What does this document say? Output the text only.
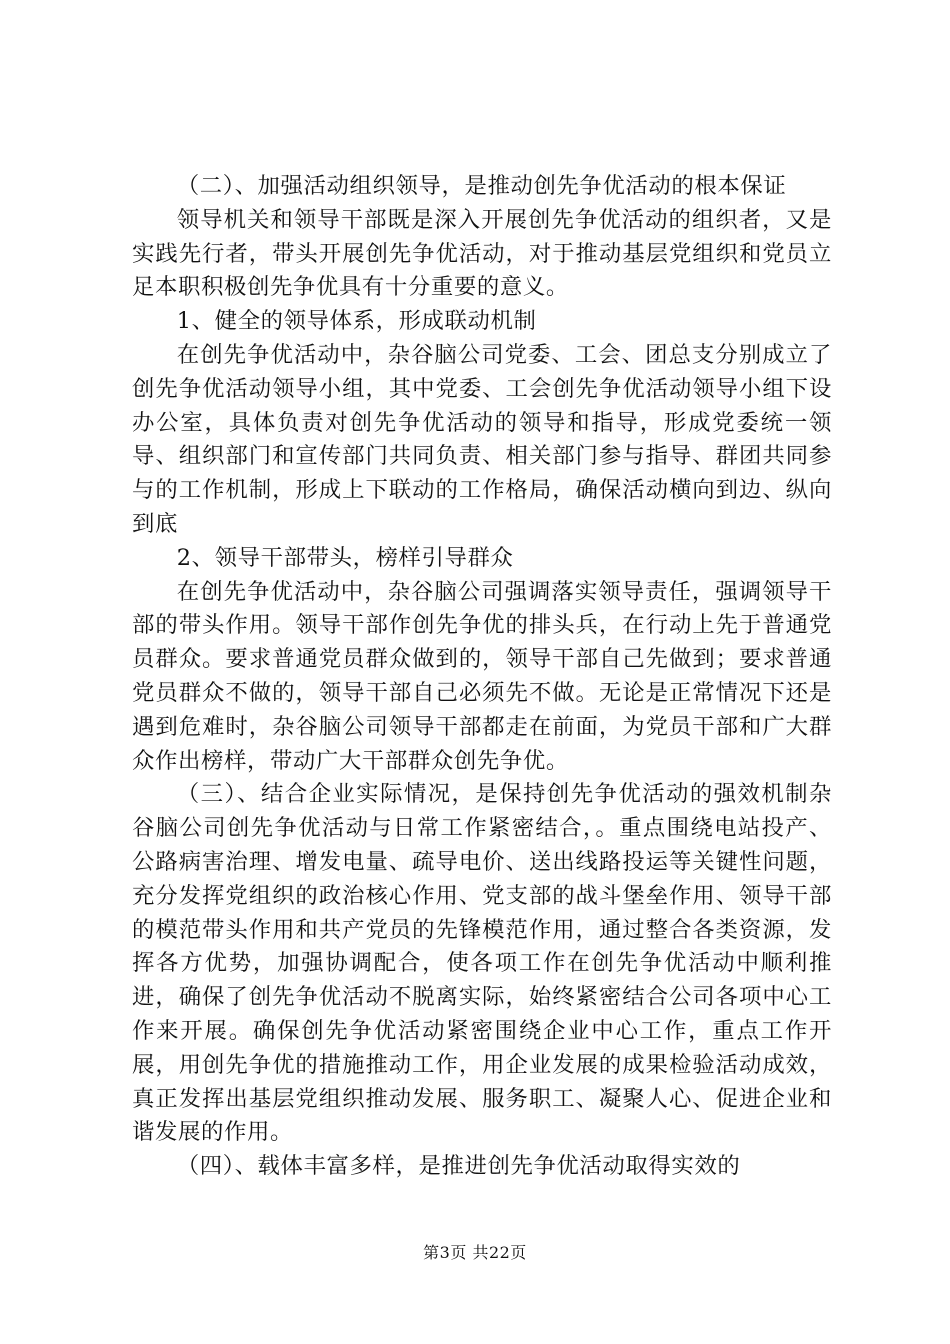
（二）、加强活动组织领导，是推动创先争优活动的根本保证

领导机关和领导干部既是深入开展创先争优活动的组织者，又是实践先行者，带头开展创先争优活动，对于推动基层党组织和党员立足本职积极创先争优具有十分重要的意义。

1、健全的领导体系，形成联动机制

在创先争优活动中，杂谷脑公司党委、工会、团总支分别成立了创先争优活动领导小组，其中党委、工会创先争优活动领导小组下设办公室，具体负责对创先争优活动的领导和指导，形成党委统一领导、组织部门和宣传部门共同负责、相关部门参与指导、群团共同参与的工作机制，形成上下联动的工作格局，确保活动横向到边、纵向到底

2、领导干部带头，榜样引导群众

在创先争优活动中，杂谷脑公司强调落实领导责任，强调领导干部的带头作用。领导干部作创先争优的排头兵，在行动上先于普通党员群众。要求普通党员群众做到的，领导干部自己先做到；要求普通党员群众不做的，领导干部自己必须先不做。无论是正常情况下还是遇到危难时，杂谷脑公司领导干部都走在前面，为党员干部和广大群众作出榜样，带动广大干部群众创先争优。

（三）、结合企业实际情况，是保持创先争优活动的强效机制杂谷脑公司创先争优活动与日常工作紧密结合，。重点围绕电站投产、公路病害治理、增发电量、疏导电价、送出线路投运等关键性问题，充分发挥党组织的政治核心作用、党支部的战斗堡垒作用、领导干部的模范带头作用和共产党员的先锋模范作用，通过整合各类资源，发挥各方优势，加强协调配合，使各项工作在创先争优活动中顺利推进，确保了创先争优活动不脱离实际，始终紧密结合公司各项中心工作来开展。确保创先争优活动紧密围绕企业中心工作，重点工作开展，用创先争优的措施推动工作，用企业发展的成果检验活动成效，真正发挥出基层党组织推动发展、服务职工、凝聚人心、促进企业和谐发展的作用。

（四）、载体丰富多样，是推进创先争优活动取得实效的

第3页 共22页
